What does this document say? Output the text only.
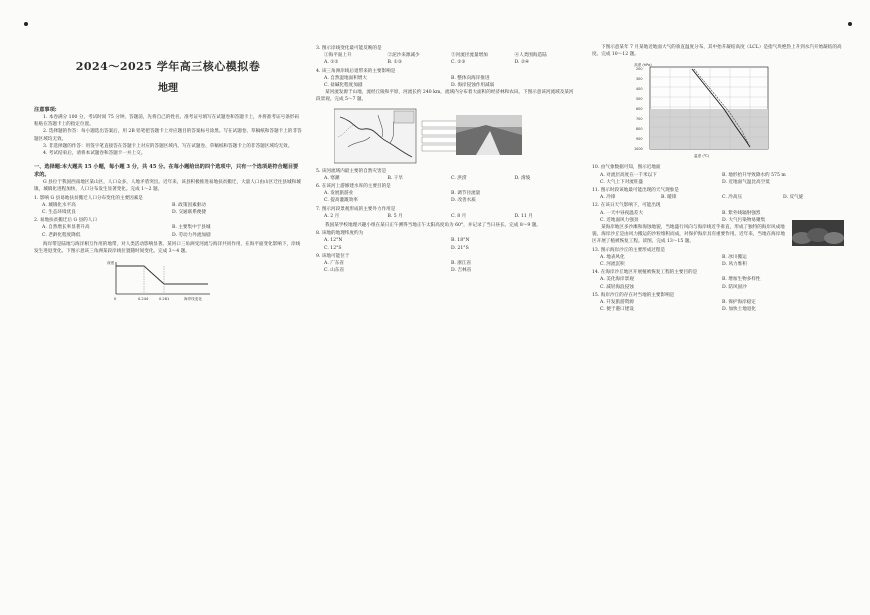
2024～2025 学年高三核心模拟卷
地理
注意事项:
1. 本卷满分 100 分，考试时间 75 分钟。答题前，先将自己的姓名、准考证号填写在试题卷和答题卡上，并将准考证号条形码粘贴在答题卡上的指定位置。
2. 选择题的作答：每小题选出答案后，用 2B 铅笔把答题卡上对应题目的答案标号涂黑。写在试题卷、草稿纸和答题卡上的非答题区域均无效。
3. 非选择题的作答：用签字笔直接答在答题卡上对应的答题区域内。写在试题卷、草稿纸和答题卡上的非答题区域均无效。
4. 考试结束后，请将本试题卷和答题卡一并上交。
一、选择题:本大题共 15 小题，每小题 3 分，共 45 分。在每小题给出的四个选项中，只有一个选项是符合题目要求的。
G 县位于我国西南地区某山区，人口众多，人地矛盾突出。近年来，该县积极推进易地扶贫搬迁，大量人口由山区迁往县城和城镇，城镇化进程加快，人口分布发生显著变化。完成 1～2 题。
1. 影响 G 县易地扶贫搬迁人口分布变化的主要因素是
A. 城镇化水平高	B. 政策因素驱动
C. 生态环境优良	D. 交通联系便捷
2. 易地扶贫搬迁后 G 县的人口
A. 自然增长率显著升高	B. 主要集中于县城
C. 老龄化程度降低	D. 劳动力外流加剧
海岸带是陆地与海洋相互作用的地带，对人类活动影响显著。某河口三角洲受河流与海洋共同作用，在海平面变化影响下，岸线发生进退变化。下图示意该三角洲某段岸线位置随时间变化。完成 3～4 题。
0	0.244	0.281	海岸线变化
深度
3. 图示岸线变化最可能反映的是
①海平面上升	②泥沙来源减少	③河流径流量增加	④人类围海造陆
A. ①②	B. ①③	C. ②③	D. ②④
4. 该三角洲岸线后退带来的主要影响是
A. 自然湿地面积增大	B. 整体向海洋推进
C. 盐碱化程度加剧	D. 海岸侵蚀作用减弱
某河流发源于山地，流经丘陵和平原，河流长约 240 km，流域内分布着大面积的经济林和农田。下图示意该河流域及某河段景观。完成 5～7 题。
5. 该河流域内最主要的自然灾害是
A. 寒潮	B. 干旱	C. 洪涝	D. 滑坡
6. 在该河上游修建水库的主要目的是
A. 发展旅游业	B. 调节径流量
C. 提高灌溉效率	D. 改善水质
7. 图示河段景观形成的主要外力作用是
A. 2 月	B. 5 月	C. 8 月	D. 11 月
我国某学校地理兴趣小组在某日正午测得当地正午太阳高度角为 60°，并记录了当日昼长。完成 8～9 题。
8. 该地的地理纬度约为
A. 12°N	B. 18°N
C. 12°S	D. 21°S
9. 该地可能位于
A. 广东省	B. 浙江省
C. 山东省	D. 吉林省
下图示意某年 7 月某地近地面大气的垂直温度分布，其中抬升凝结高度（LCL）是指气块绝热上升到水汽开始凝结的高度。完成 10～12 题。
高度 (hPa)
200
300
400
500
600
700
800
900
1000
温度 (℃)
10. 由气象数据可知，图示近地面
A. 对流层高度在一千米以下	B. 地形抬升导致降水约 575 m
C. 大气上下对流旺盛	D. 近地面气温比高空低
11. 图示时段该地最可能出现的天气现象是
A. 冷锋	B. 暖锋	C. 冷高压	D. 反气旋
12. 在该日天气影响下，可能出现
A. 一天中昼夜温差大	B. 紫外线辐射强烈
C. 近地面风力强劲	D. 大气污染物易聚集
某海岸地区多沙滩和海蚀地貌，当地盛行风向与海岸线近乎垂直，形成了独特的海岸风成地貌。海岸沙丘是由风力搬运的沙粒堆积而成，对保护海岸具有重要作用。近年来，当地在海岸地区开展了植被恢复工程。读图，完成 13～15 题。
13. 图示海岸沙丘的主要形成过程是
A. 地表风化	B. 冰川搬运
C. 河流沉积	D. 风力堆积
14. 在海岸沙丘地区开展植被恢复工程的主要目的是
A. 美化海岸景观	B. 增加生物多样性
C. 减轻海浪侵蚀	D. 防风固沙
15. 海岸沙丘的存在对当地的主要影响是
A. 开发旅游资源	B. 保护海岸稳定
C. 便于港口建设	D. 加快土地退化
